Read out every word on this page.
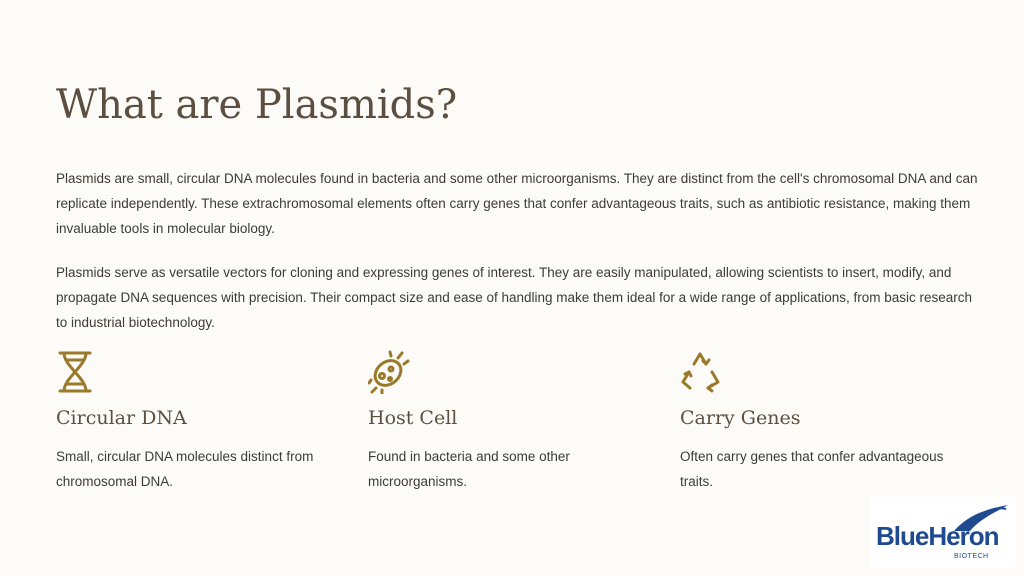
What are Plasmids?

Plasmids are small, circular DNA molecules found in bacteria and some other microorganisms. They are distinct from the cell's chromosomal DNA and can replicate independently. These extrachromosomal elements often carry genes that confer advantageous traits, such as antibiotic resistance, making them invaluable tools in molecular biology.

Plasmids serve as versatile vectors for cloning and expressing genes of interest. They are easily manipulated, allowing scientists to insert, modify, and propagate DNA sequences with precision. Their compact size and ease of handling make them ideal for a wide range of applications, from basic research to industrial biotechnology.

Circular DNA

Small, circular DNA molecules distinct from chromosomal DNA.

Host Cell

Found in bacteria and some other microorganisms.

Carry Genes

Often carry genes that confer advantageous traits.

BlueHeron

BIOTECH
